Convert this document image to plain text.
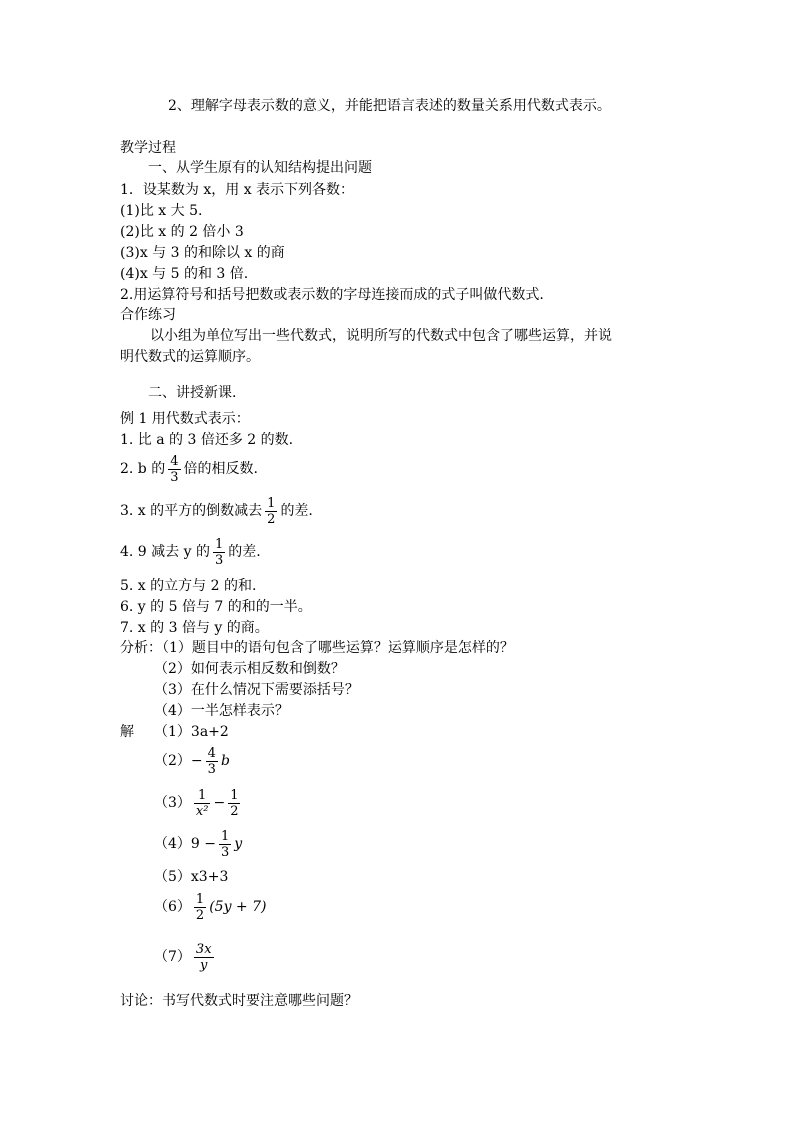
2、理解字母表示数的意义，并能把语言表述的数量关系用代数式表示。
教学过程
一、从学生原有的认知结构提出问题
1．设某数为 x，用 x 表示下列各数：
(1)比 x 大 5.
(2)比 x 的 2 倍小 3
(3)x 与 3 的和除以 x 的商
(4)x 与 5 的和 3 倍.
2.用运算符号和括号把数或表示数的字母连接而成的式子叫做代数式.
合作练习
以小组为单位写出一些代数式，说明所写的代数式中包含了哪些运算，并说
明代数式的运算顺序。
二、讲授新课.
例 1 用代数式表示：
1. 比 a 的 3 倍还多 2 的数.
2. b 的 $\frac{4}{3}$ 倍的相反数.
3. x 的平方的倒数减去 $\frac{1}{2}$ 的差.
4. 9 减去 y 的 $\frac{1}{3}$ 的差.
5. x 的立方与 2 的和.
6. y 的 5 倍与 7 的和的一半。
7. x 的 3 倍与 y 的商。
分析：（1）题目中的语句包含了哪些运算？运算顺序是怎样的？
（2）如何表示相反数和倒数？
（3）在什么情况下需要添括号？
（4）一半怎样表示？
解 （1）3a+2
$(2)- \frac{4}{3}$ b
$(3) \frac{1}{\text{x²}} - \frac{1}{2}$
$(4)9 - \frac{1}{3}$ y
（5）x3+3
$(6) \frac{1}{2} (5y + 7)$
$(7) \frac{3x}{y}$
讨论：书写代数式时要注意哪些问题？
